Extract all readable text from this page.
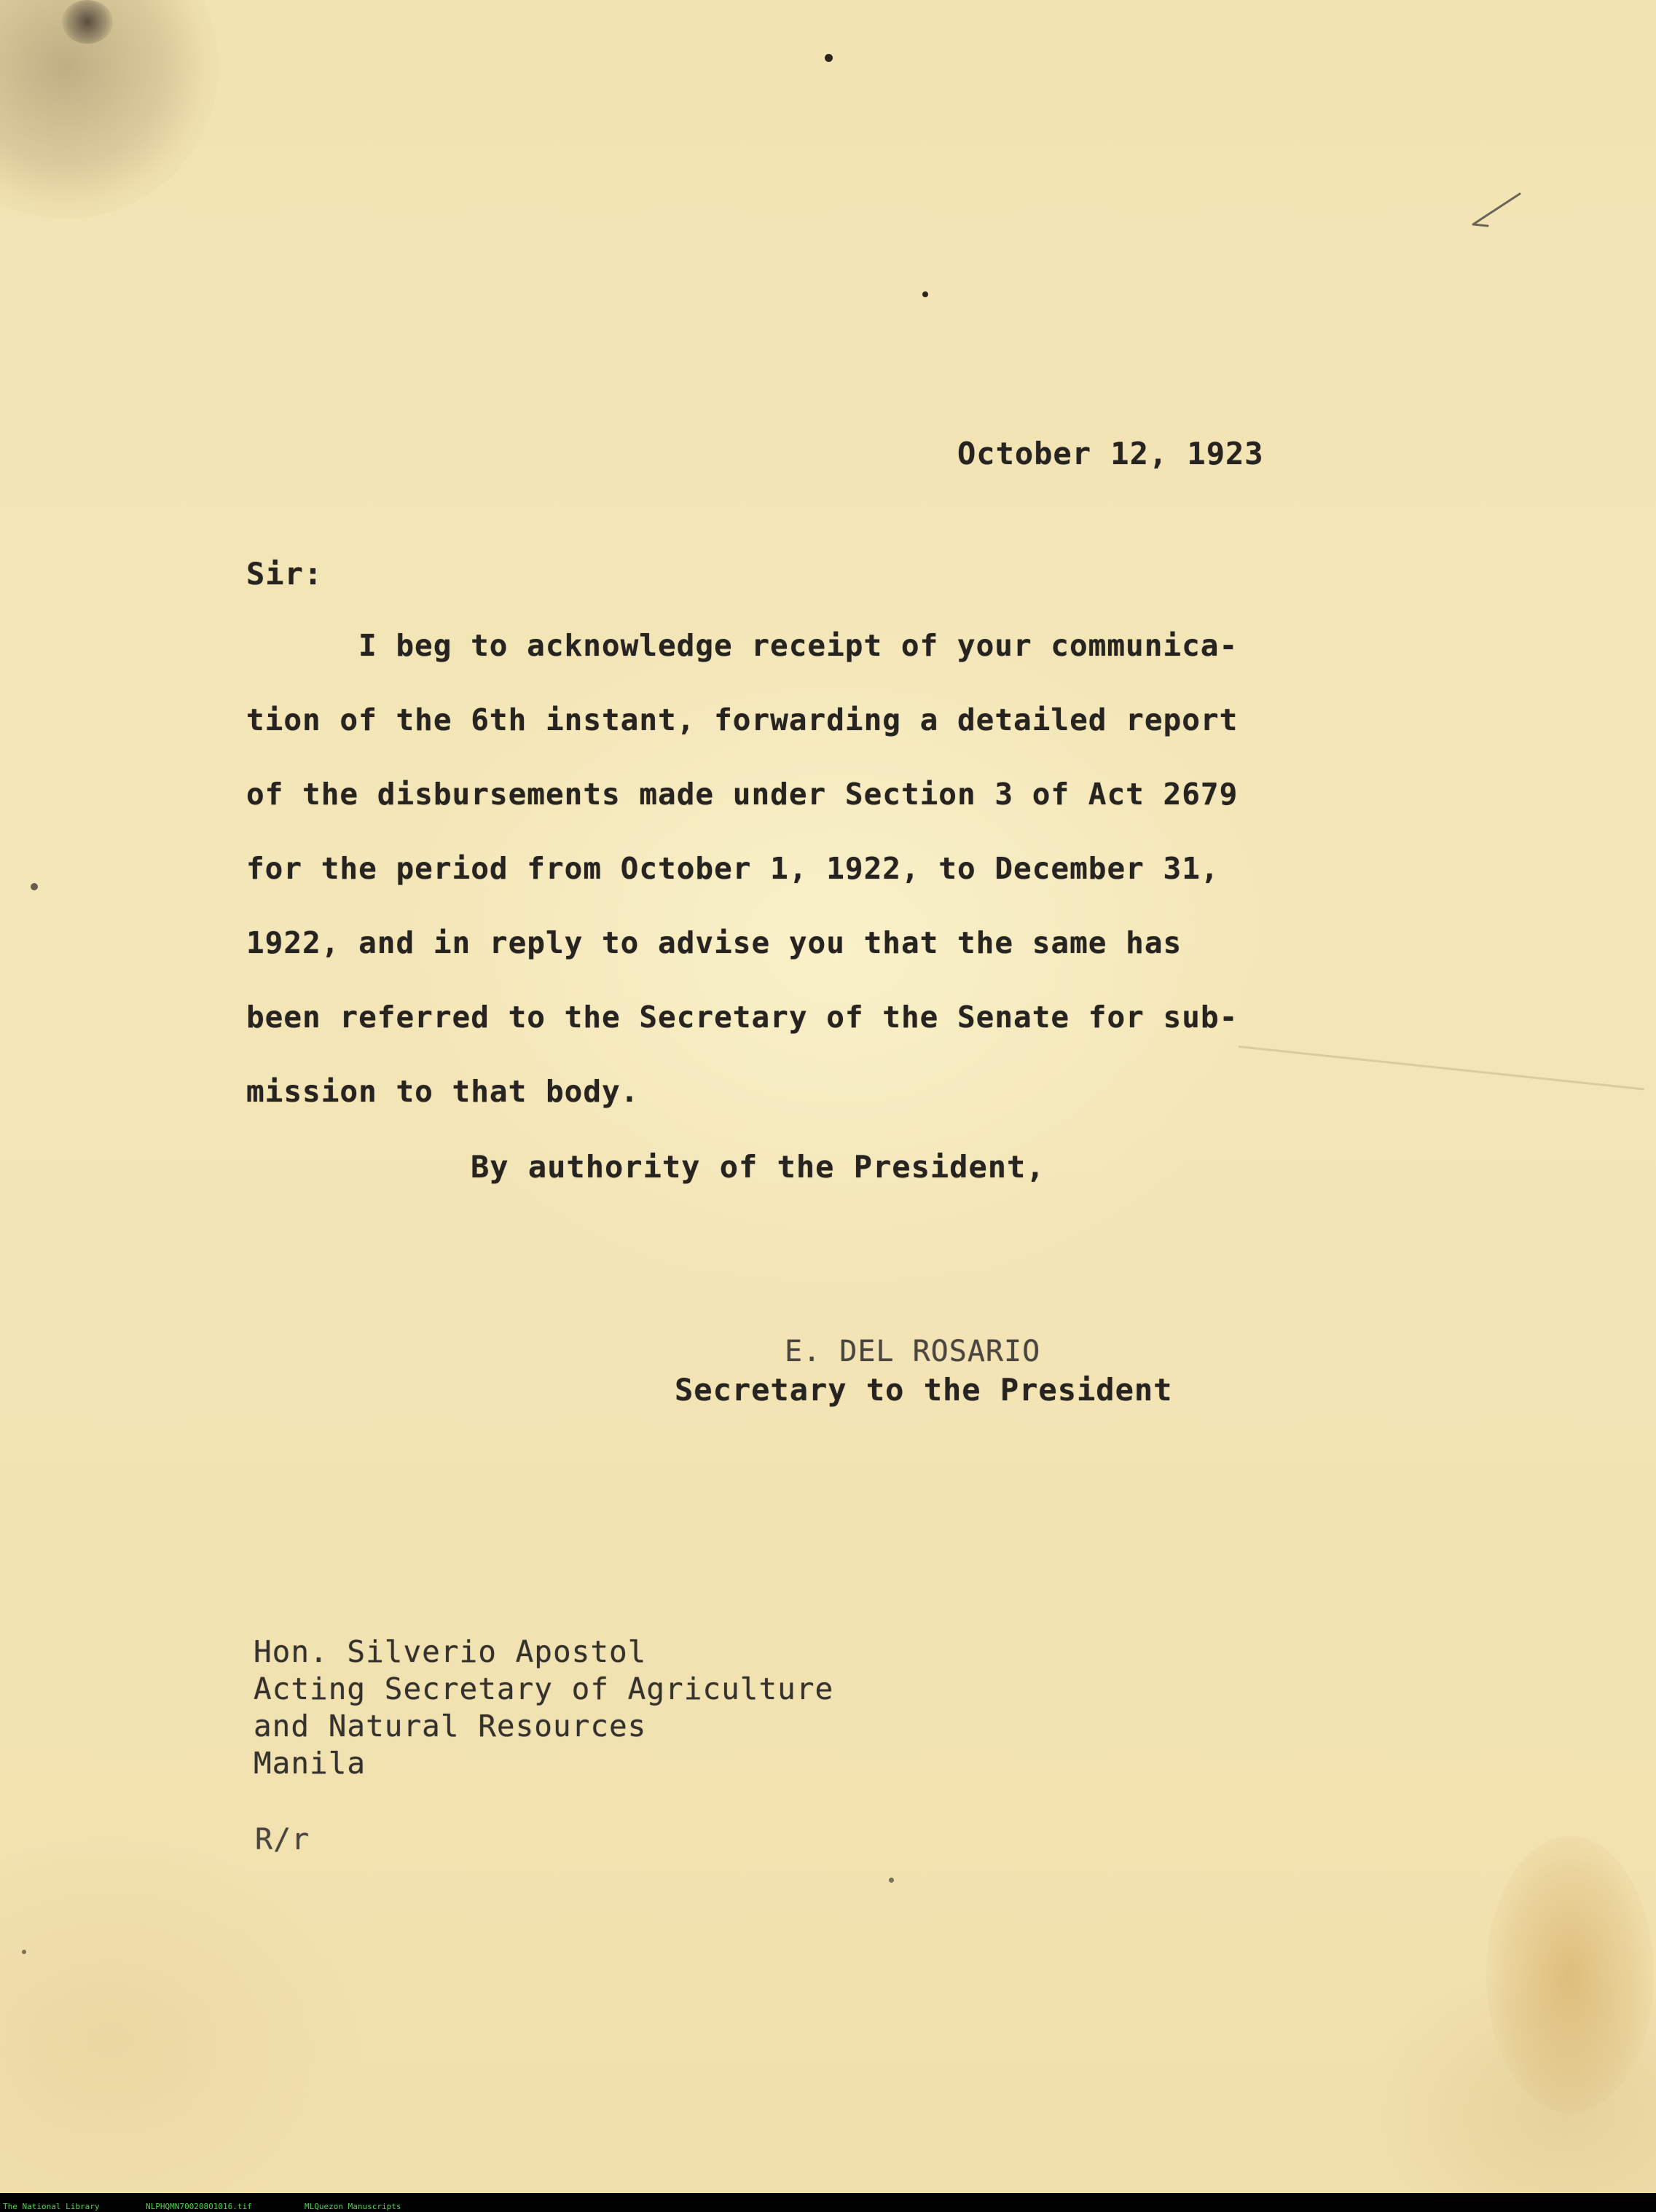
October 12, 1923
Sir:
I beg to acknowledge receipt of your communica-
tion of the 6th instant, forwarding a detailed report
of the disbursements made under Section 3 of Act 2679
for the period from October 1, 1922, to December 31,
1922, and in reply to advise you that the same has
been referred to the Secretary of the Senate for sub-
mission to that body.
By authority of the President,
E. DEL ROSARIO
Secretary to the President
Hon. Silverio Apostol
Acting Secretary of Agriculture
and Natural Resources
Manila
R/r
The National Library	NLPHQMN70020801016.tif	MLQuezon Manuscripts
